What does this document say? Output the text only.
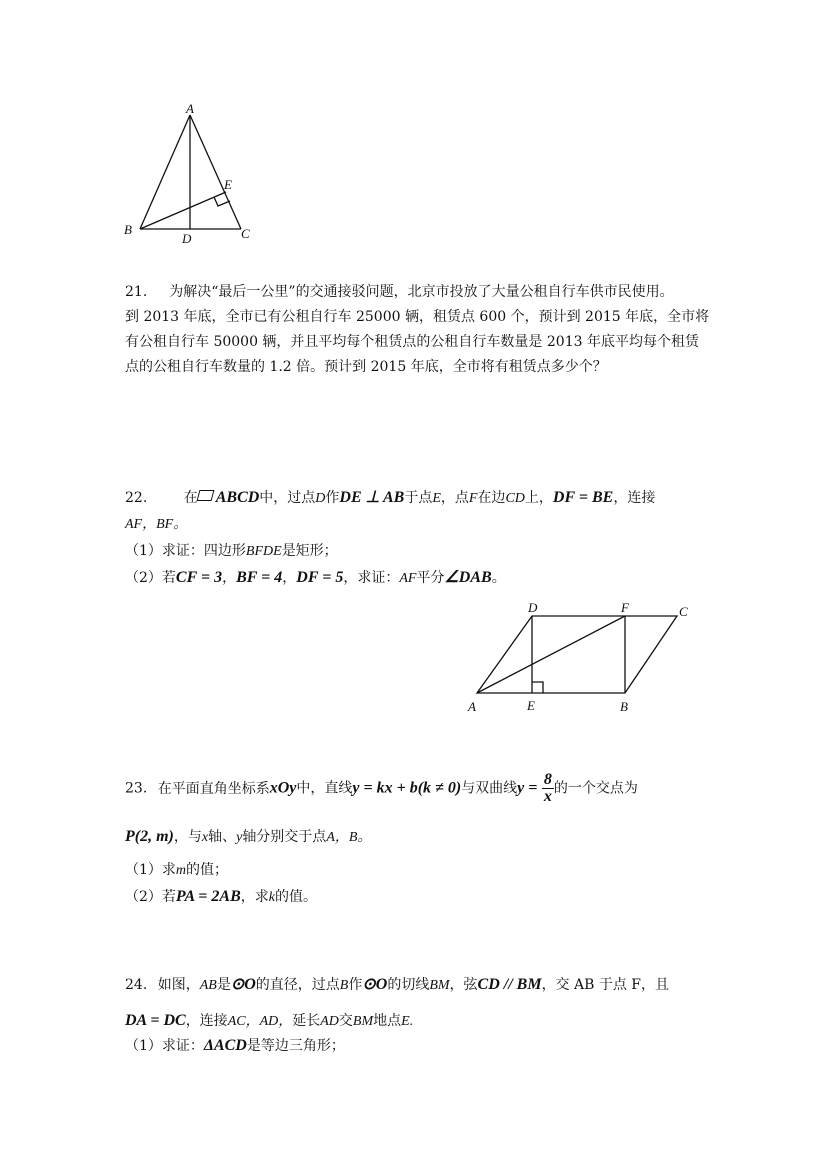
A
E
B
D	C
21. 为解决“最后一公里”的交通接驳问题，北京市投放了大量公租自行车供市民使用。
到 2013 年底，全市已有公租自行车 25000 辆，租赁点 600 个，预计到 2015 年底，全市将
有公租自行车 50000 辆，并且平均每个租赁点的公租自行车数量是 2013 年底平均每个租赁
点的公租自行车数量的 1.2 倍。预计到 2015 年底，全市将有租赁点多少个？
22.	在 ABCD中，过点D作DE ⊥ AB于点E，点F在边CD上，DF = BE，连接
AF，BF。
（1）求证：四边形BFDE是矩形；
（2）若CF = 3，BF = 4，DF = 5，求证：AF平分∠DAB。
D	F	C
A	E	B
23. 在平面直角坐标系xOy中，直线y = kx + b(k ≠ 0)与双曲线$y = \frac{8}{x}$ 的一个交点为
P(2, m)，与x轴、y轴分别交于点A，B。
（1）求m的值；
（2）若PA = 2AB，求k的值。
24. 如图，AB是⊙O的直径，过点B作⊙O的切线BM，弦CD // BM，交 AB 于点 F，且
DA = DC，连接AC，AD，延长AD交BM地点E.
（1）求证：ΔACD是等边三角形；
